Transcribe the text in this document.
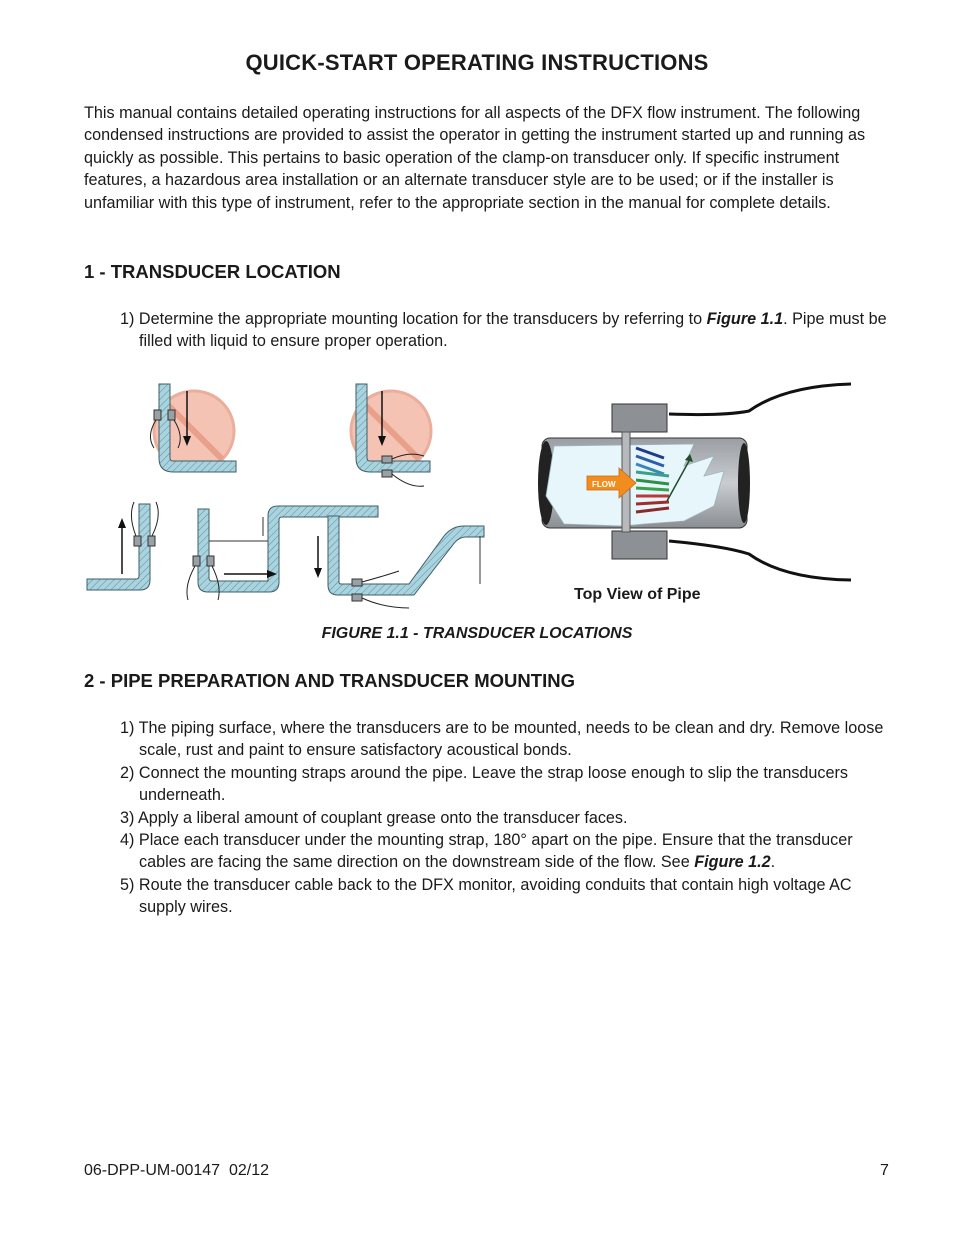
QUICK-START OPERATING INSTRUCTIONS

This manual contains detailed operating instructions for all aspects of the DFX flow instrument. The following condensed instructions are provided to assist the operator in getting the instrument started up and running as quickly as possible. This pertains to basic operation of the clamp-on transducer only. If specific instrument features, a hazardous area installation or an alternate transducer style are to be used; or if the installer is unfamiliar with this type of instrument, refer to the appropriate section in the manual for complete details.

1 - TRANSDUCER LOCATION
1) Determine the appropriate mounting location for the transducers by referring to Figure 1.1. Pipe must be filled with liquid to ensure proper operation.
FLOW
Top View of Pipe
FIGURE 1.1 - TRANSDUCER LOCATIONS
2 - PIPE PREPARATION AND TRANSDUCER MOUNTING
1) The piping surface, where the transducers are to be mounted, needs to be clean and dry. Remove loose scale, rust and paint to ensure satisfactory acoustical bonds.
2) Connect the mounting straps around the pipe. Leave the strap loose enough to slip the transducers underneath.
3) Apply a liberal amount of couplant grease onto the transducer faces.
4) Place each transducer under the mounting strap, 180° apart on the pipe. Ensure that the transducer cables are facing the same direction on the downstream side of the flow. See Figure 1.2.
5) Route the transducer cable back to the DFX monitor, avoiding conduits that contain high voltage AC supply wires.
06-DPP-UM-00147  02/12	7
